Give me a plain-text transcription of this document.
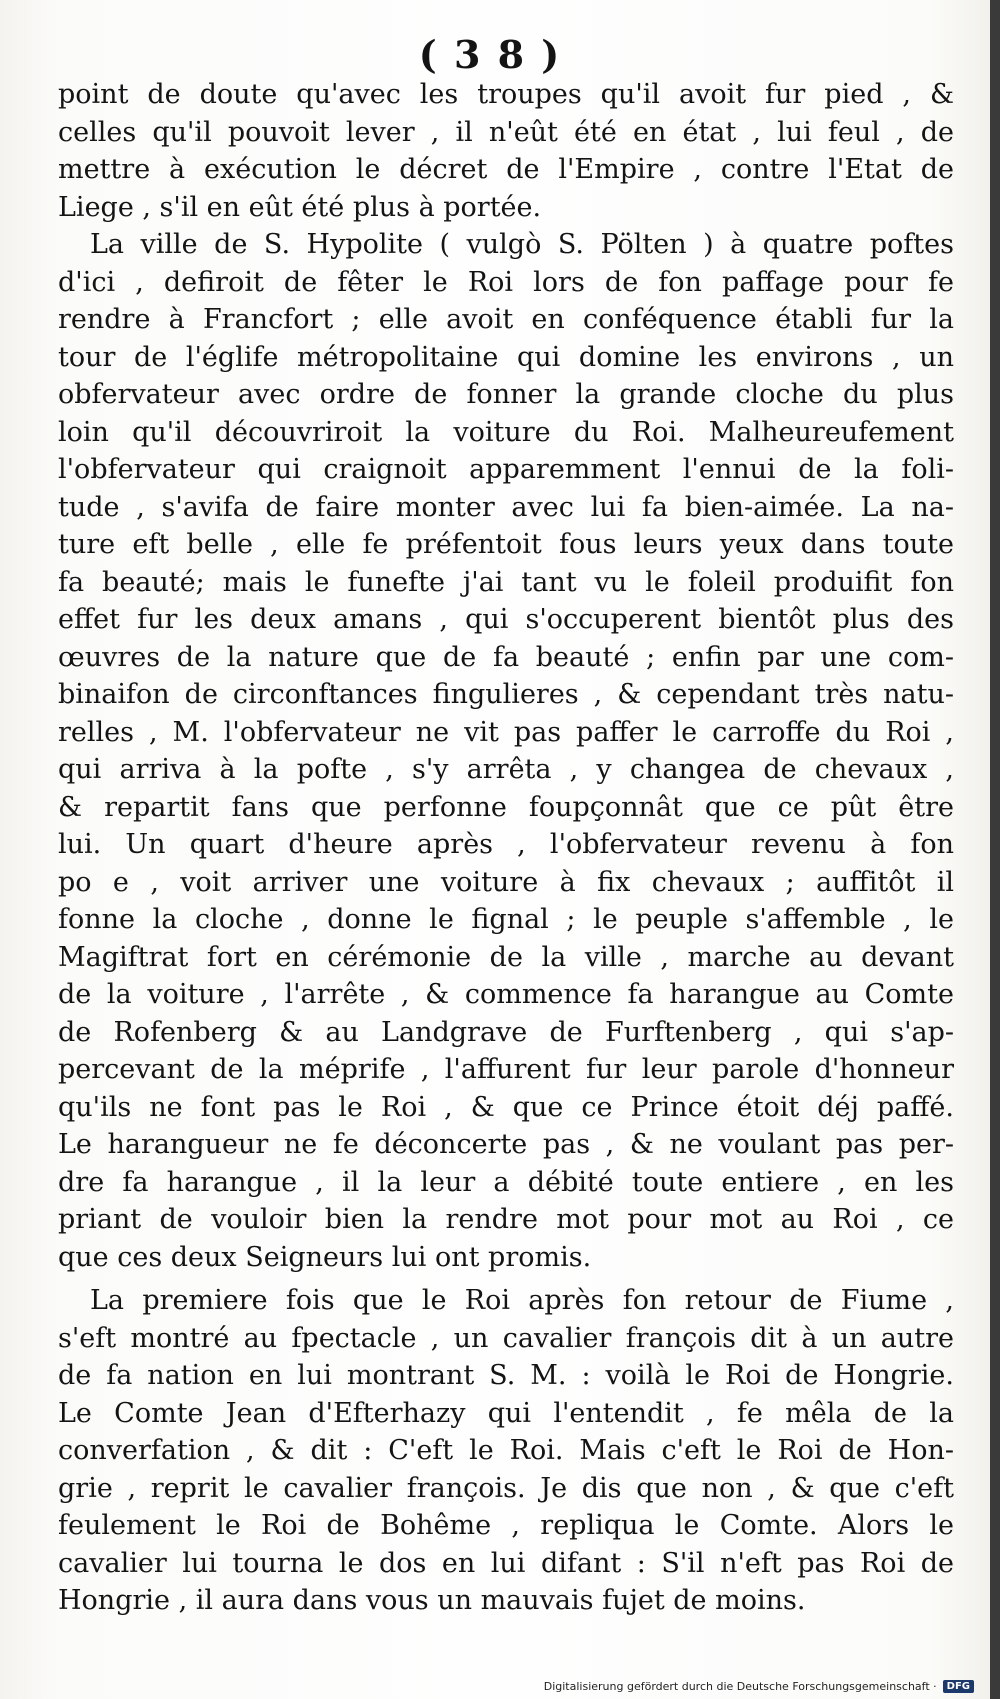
( 3 8 )
point de doute qu'avec les troupes qu'il avoit fur pied , &
celles qu'il pouvoit lever , il n'eût été en état , lui feul , de
mettre à exécution le décret de l'Empire , contre l'Etat de
Liege , s'il en eût été plus à portée.
La ville de S. Hypolite ( vulgò S. Pölten ) à quatre poftes
d'ici , defiroit de fêter le Roi lors de fon paffage pour fe
rendre à Francfort ; elle avoit en conféquence établi fur la
tour de l'églife métropolitaine qui domine les environs , un
obfervateur avec ordre de fonner la grande cloche du plus
loin qu'il découvriroit la voiture du Roi. Malheureufement
l'obfervateur qui craignoit apparemment l'ennui de la foli-
tude , s'avifa de faire monter avec lui fa bien-aimée. La na-
ture eft belle , elle fe préfentoit fous leurs yeux dans toute
fa beauté; mais le funefte j'ai tant vu le foleil produifit fon
effet fur les deux amans , qui s'occuperent bientôt plus des
œuvres de la nature que de fa beauté ; enfin par une com-
binaifon de circonftances fingulieres , & cependant très natu-
relles , M. l'obfervateur ne vit pas paffer le carroffe du Roi ,
qui arriva à la pofte , s'y arrêta , y changea de chevaux ,
& repartit fans que perfonne foupçonnât que ce pût être
lui. Un quart d'heure après , l'obfervateur revenu à fon
po e , voit arriver une voiture à fix chevaux ; auffitôt il
fonne la cloche , donne le fignal ; le peuple s'affemble , le
Magiftrat fort en cérémonie de la ville , marche au devant
de la voiture , l'arrête , & commence fa harangue au Comte
de Rofenberg & au Landgrave de Furftenberg , qui s'ap-
percevant de la méprife , l'affurent fur leur parole d'honneur
qu'ils ne font pas le Roi , & que ce Prince étoit déj paffé.
Le harangueur ne fe déconcerte pas , & ne voulant pas per-
dre fa harangue , il la leur a débité toute entiere , en les
priant de vouloir bien la rendre mot pour mot au Roi , ce
que ces deux Seigneurs lui ont promis.
La premiere fois que le Roi après fon retour de Fiume ,
s'eft montré au fpectacle , un cavalier françois dit à un autre
de fa nation en lui montrant S. M. : voilà le Roi de Hongrie.
Le Comte Jean d'Efterhazy qui l'entendit , fe mêla de la
converfation , & dit : C'eft le Roi. Mais c'eft le Roi de Hon-
grie , reprit le cavalier françois. Je dis que non , & que c'eft
feulement le Roi de Bohême , repliqua le Comte. Alors le
cavalier lui tourna le dos en lui difant : S'il n'eft pas Roi de
Hongrie , il aura dans vous un mauvais fujet de moins.
Digitalisierung gefördert durch die Deutsche Forschungsgemeinschaft ·	DFG
